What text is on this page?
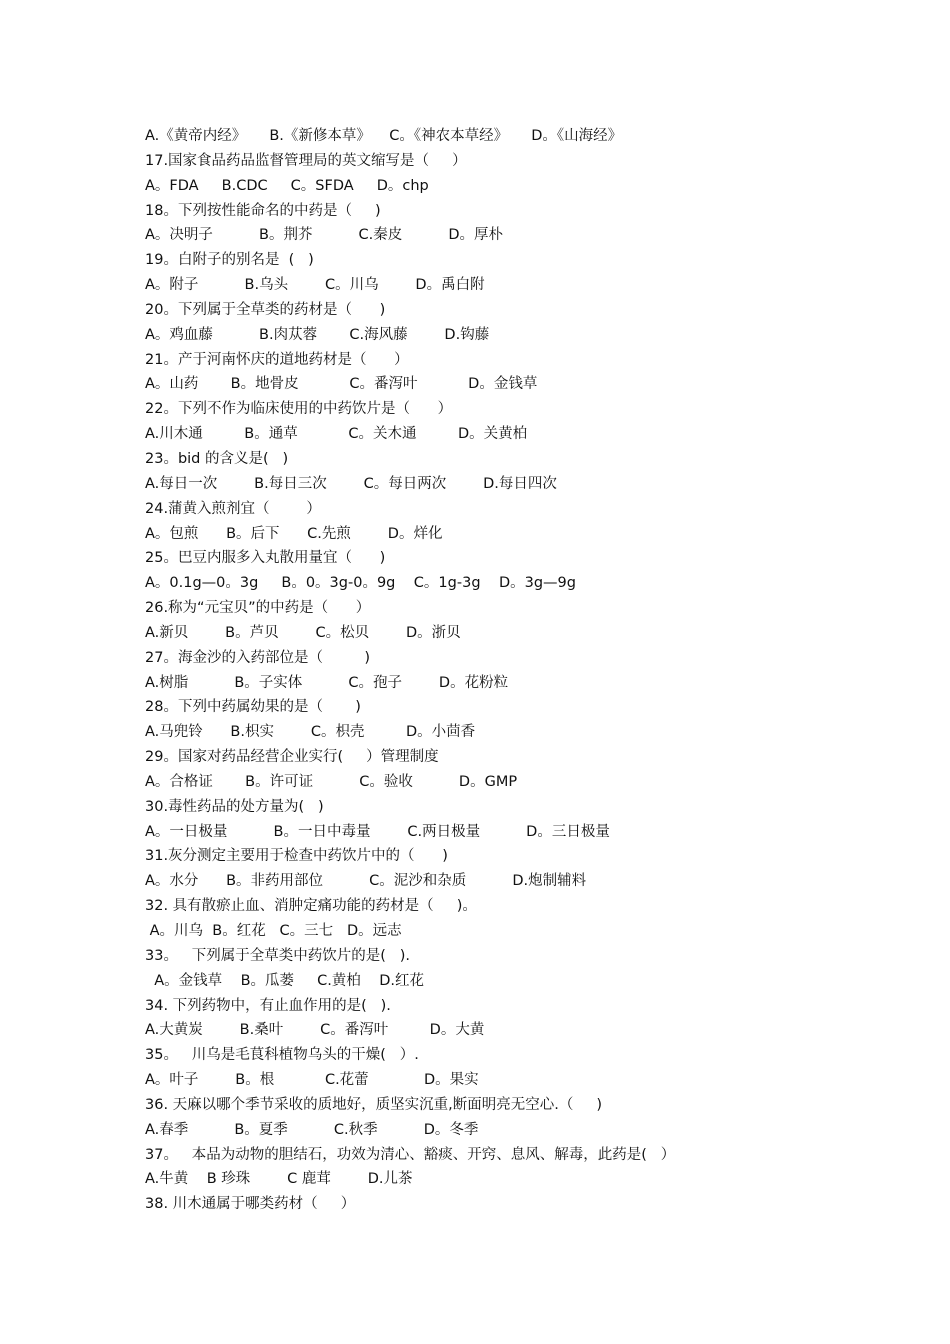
A.《黄帝内经》     B.《新修本草》    C。《神农本草经》     D。《山海经》
17.国家食品药品监督管理局的英文缩写是（     ）
A。FDA     B.CDC     C。SFDA     D。chp
18。下列按性能命名的中药是（     )
A。决明子          B。荆芥          C.秦皮          D。厚朴
19。白附子的别名是  (   )
A。附子          B.乌头        C。川乌        D。禹白附
20。下列属于全草类的药材是（      )
A。鸡血藤          B.肉苁蓉       C.海风藤        D.钩藤
21。产于河南怀庆的道地药材是（      ）
A。山药       B。地骨皮           C。番泻叶           D。金钱草
22。下列不作为临床使用的中药饮片是（      ）
A.川木通         B。通草           C。关木通         D。关黄柏
23。bid 的含义是(   )
A.每日一次        B.每日三次        C。每日两次        D.每日四次
24.蒲黄入煎剂宜（        ）
A。包煎      B。后下      C.先煎        D。烊化
25。巴豆内服多入丸散用量宜（      )
A。0.1g—0。3g     B。0。3g-0。9g    C。1g-3g    D。3g—9g
26.称为“元宝贝”的中药是（      ）
A.新贝        B。芦贝        C。松贝        D。浙贝
27。海金沙的入药部位是（         )
A.树脂          B。子实体          C。孢子        D。花粉粒
28。下列中药属幼果的是（       )
A.马兜铃      B.枳实        C。枳壳         D。小茴香
29。国家对药品经营企业实行(     ）管理制度
A。合格证       B。许可证          C。验收          D。GMP
30.毒性药品的处方量为(   )
A。一日极量          B。一日中毒量        C.两日极量          D。三日极量
31.灰分测定主要用于检查中药饮片中的（      )
A。水分      B。非药用部位          C。泥沙和杂质          D.炮制辅料
32. 具有散瘀止血、消肿定痛功能的药材是（     )。
A。川乌  B。红花   C。三七   D。远志
33。   下列属于全草类中药饮片的是(   ).
A。金钱草    B。瓜蒌     C.黄柏    D.红花
34. 下列药物中，有止血作用的是(   ).
A.大黄炭        B.桑叶        C。番泻叶         D。大黄
35。   川乌是毛茛科植物乌头的干燥(   ）.
A。叶子        B。根           C.花蕾            D。果实
36. 天麻以哪个季节采收的质地好，质坚实沉重,断面明亮无空心.（     )
A.春季          B。夏季          C.秋季          D。冬季
37。   本品为动物的胆结石，功效为清心、豁痰、开窍、息风、解毒，此药是(   ）
A.牛黄    B 珍珠        C 鹿茸        D.儿茶
38. 川木通属于哪类药材（     ）
